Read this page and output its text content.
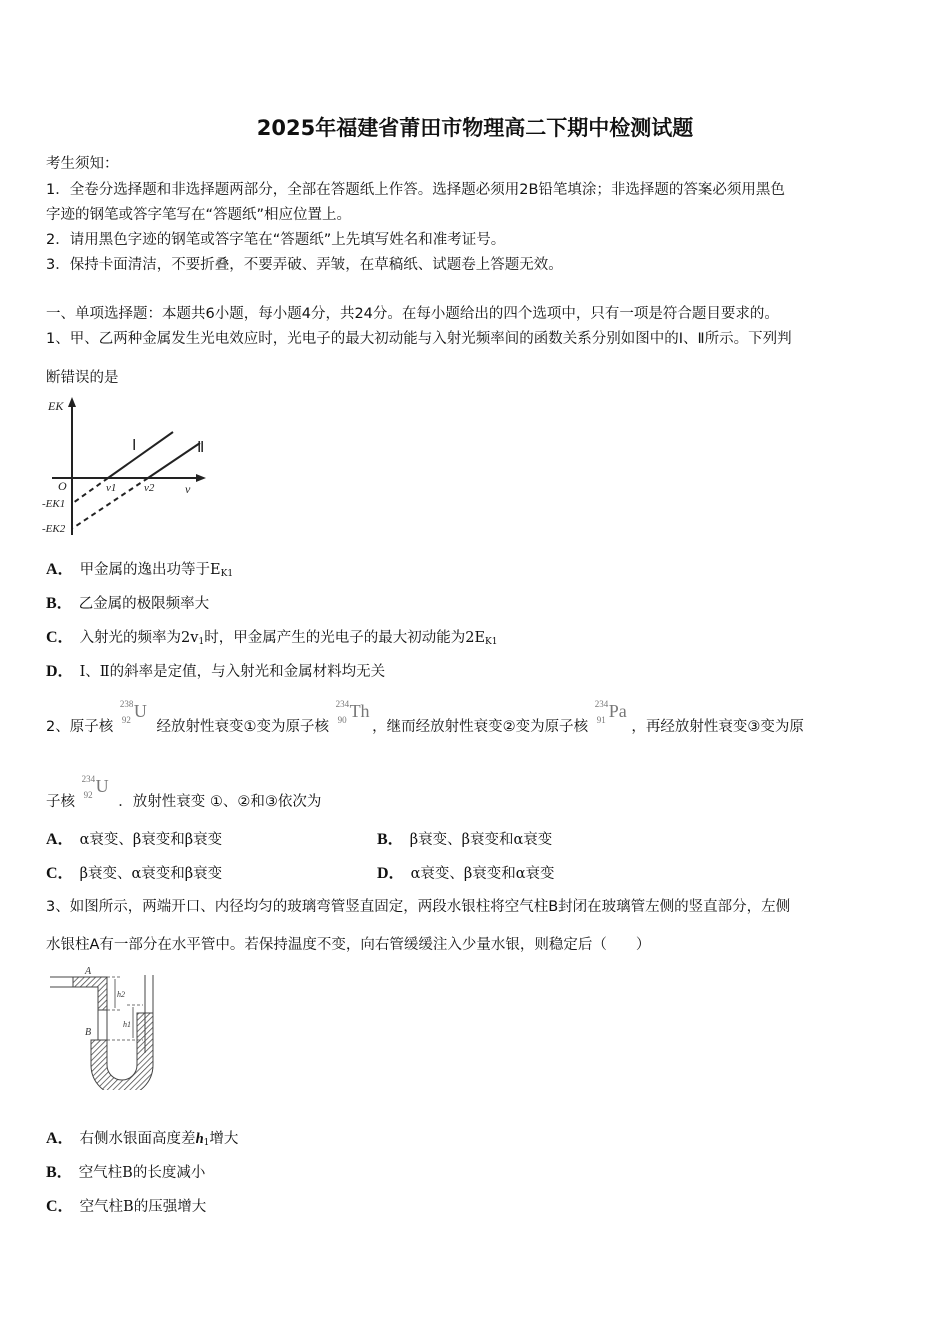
2025年福建省莆田市物理高二下期中检测试题
考生须知：
1．全卷分选择题和非选择题两部分，全部在答题纸上作答。选择题必须用2B铅笔填涂；非选择题的答案必须用黑色
字迹的钢笔或答字笔写在“答题纸”相应位置上。
2．请用黑色字迹的钢笔或答字笔在“答题纸”上先填写姓名和准考证号。
3．保持卡面清洁，不要折叠，不要弄破、弄皱，在草稿纸、试题卷上答题无效。
一、单项选择题：本题共6小题，每小题4分，共24分。在每小题给出的四个选项中，只有一项是符合题目要求的。
1、甲、乙两种金属发生光电效应时，光电子的最大初动能与入射光频率间的函数关系分别如图中的Ⅰ、Ⅱ所示。下列判
断错误的是
EK
O	ν
ν1	ν2
-EK1
-EK2
Ⅰ	Ⅱ
A． 甲金属的逸出功等于$E_{K1}$
B． 乙金属的极限频率大
C． 入射光的频率为$2v_1$时，甲金属产生的光电子的最大初动能为$2E_{K1}$
D． Ⅰ、Ⅱ的斜率是定值，与入射光和金属材料均无关
2、原子核
238
92 U
经放射性衰变①变为原子核
234
90 Th
，继而经放射性衰变②变为原子核
234
91 Pa
，再经放射性衰变③变为原
子核
234
92 U
．放射性衰变 ①、②和③依次为
A． α衰变、β衰变和β衰变	B． β衰变、β衰变和α衰变
C． β衰变、α衰变和β衰变	D． α衰变、β衰变和α衰变
3、如图所示，两端开口、内径均匀的玻璃弯管竖直固定，两段水银柱将空气柱B封闭在玻璃管左侧的竖直部分，左侧
水银柱A有一部分在水平管中。若保持温度不变，向右管缓缓注入少量水银，则稳定后（　　）
A
B
h2
h1
A． 右侧水银面高度差$h_1$增大
B． 空气柱B的长度减小
C． 空气柱B的压强增大
